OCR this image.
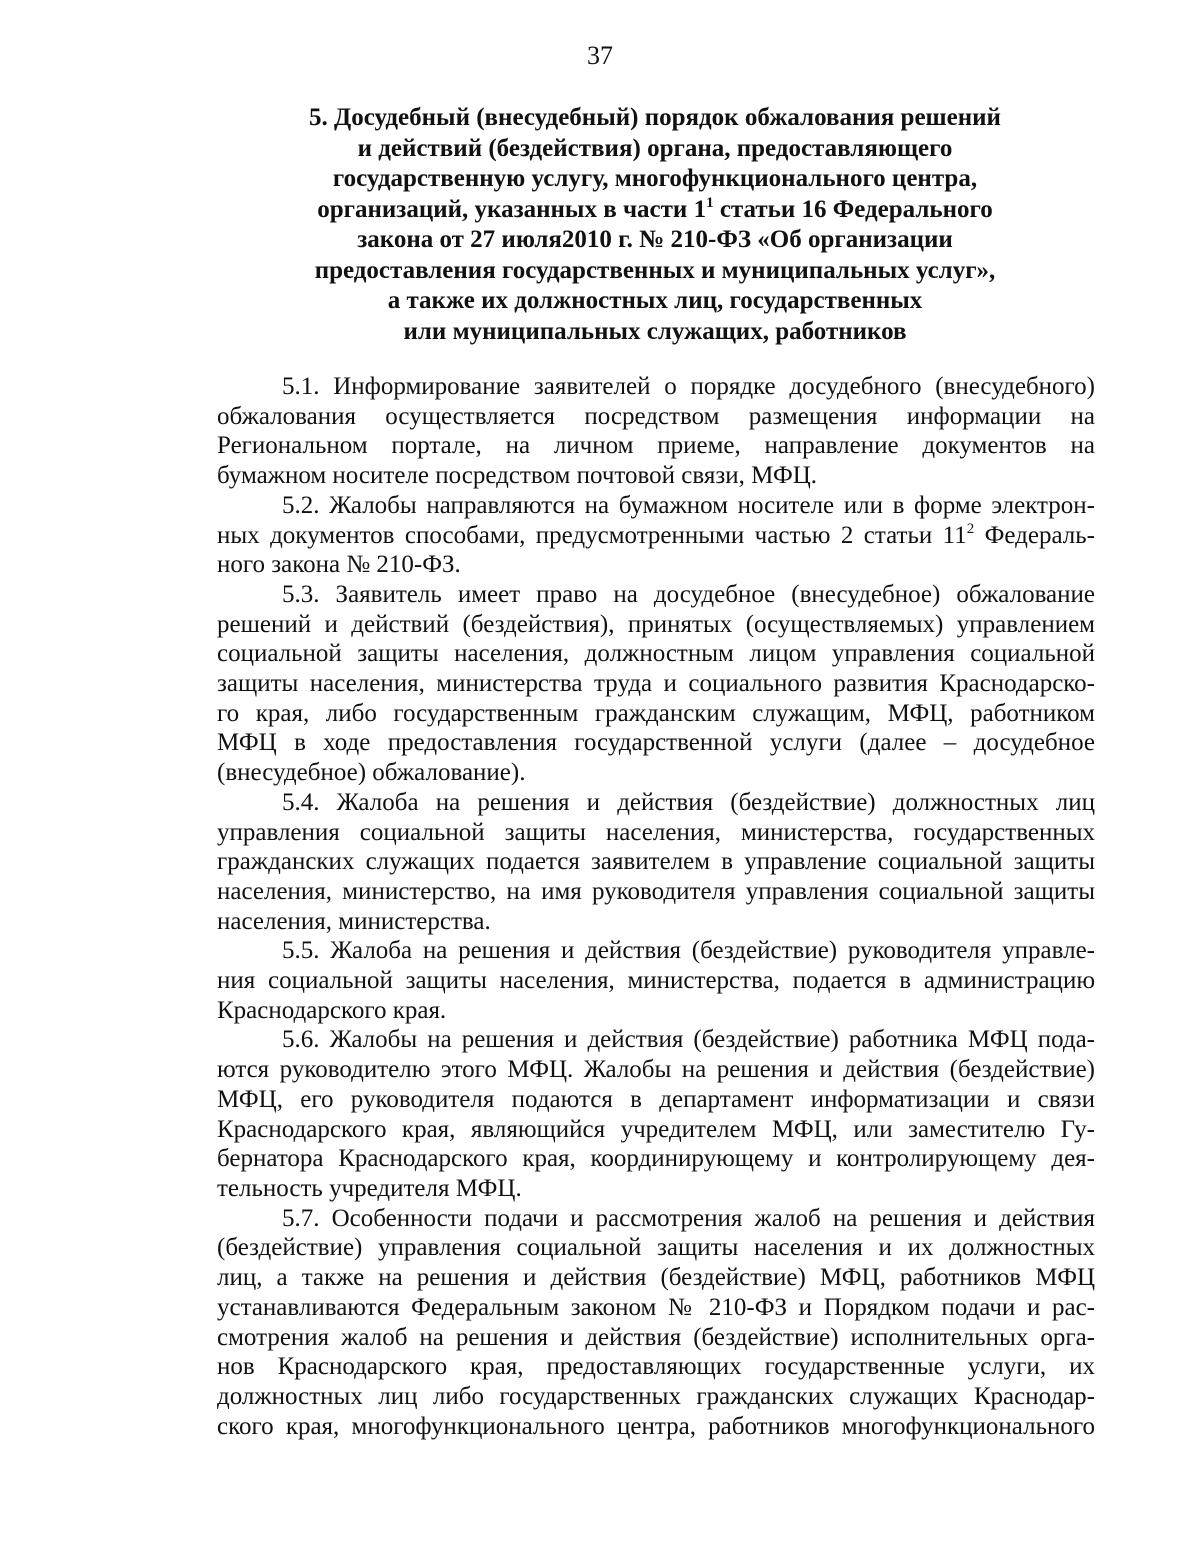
37
5. Досудебный (внесудебный) порядок обжалования решений
и действий (бездействия) органа, предоставляющего
государственную услугу, многофункционального центра,
организаций, указанных в части $1^1$ статьи 16 Федерального
закона от 27 июля2010 г. № 210-ФЗ «Об организации
предоставления государственных и муниципальных услуг»,
а также их должностных лиц, государственных
или муниципальных служащих, работников
5.1. Информирование заявителей о порядке досудебного (внесудебного)
обжалования осуществляется посредством размещения информации на
Региональном портале, на личном приеме, направление документов на
бумажном носителе посредством почтовой связи, МФЦ.
5.2. Жалобы направляются на бумажном носителе или в форме электрон-
ных документов способами, предусмотренными частью 2 статьи $11^2$ Федераль-
ного закона № 210-ФЗ.
5.3. Заявитель имеет право на досудебное (внесудебное) обжалование
решений и действий (бездействия), принятых (осуществляемых) управлением
социальной защиты населения, должностным лицом управления социальной
защиты населения, министерства труда и социального развития Краснодарско-
го края, либо государственным гражданским служащим, МФЦ, работником
МФЦ в ходе предоставления государственной услуги (далее – досудебное
(внесудебное) обжалование).
5.4. Жалоба на решения и действия (бездействие) должностных лиц
управления социальной защиты населения, министерства, государственных
гражданских служащих подается заявителем в управление социальной защиты
населения, министерство, на имя руководителя управления социальной защиты
населения, министерства.
5.5. Жалоба на решения и действия (бездействие) руководителя управле-
ния социальной защиты населения, министерства, подается в администрацию
Краснодарского края.
5.6. Жалобы на решения и действия (бездействие) работника МФЦ пода-
ются руководителю этого МФЦ. Жалобы на решения и действия (бездействие)
МФЦ, его руководителя подаются в департамент информатизации и связи
Краснодарского края, являющийся учредителем МФЦ, или заместителю Гу-
бернатора Краснодарского края, координирующему и контролирующему дея-
тельность учредителя МФЦ.
5.7. Особенности подачи и рассмотрения жалоб на решения и действия
(бездействие) управления социальной защиты населения и их должностных
лиц, а также на решения и действия (бездействие) МФЦ, работников МФЦ
устанавливаются Федеральным законом № 210-ФЗ и Порядком подачи и рас-
смотрения жалоб на решения и действия (бездействие) исполнительных орга-
нов Краснодарского края, предоставляющих государственные услуги, их
должностных лиц либо государственных гражданских служащих Краснодар-
ского края, многофункционального центра, работников многофункционального
